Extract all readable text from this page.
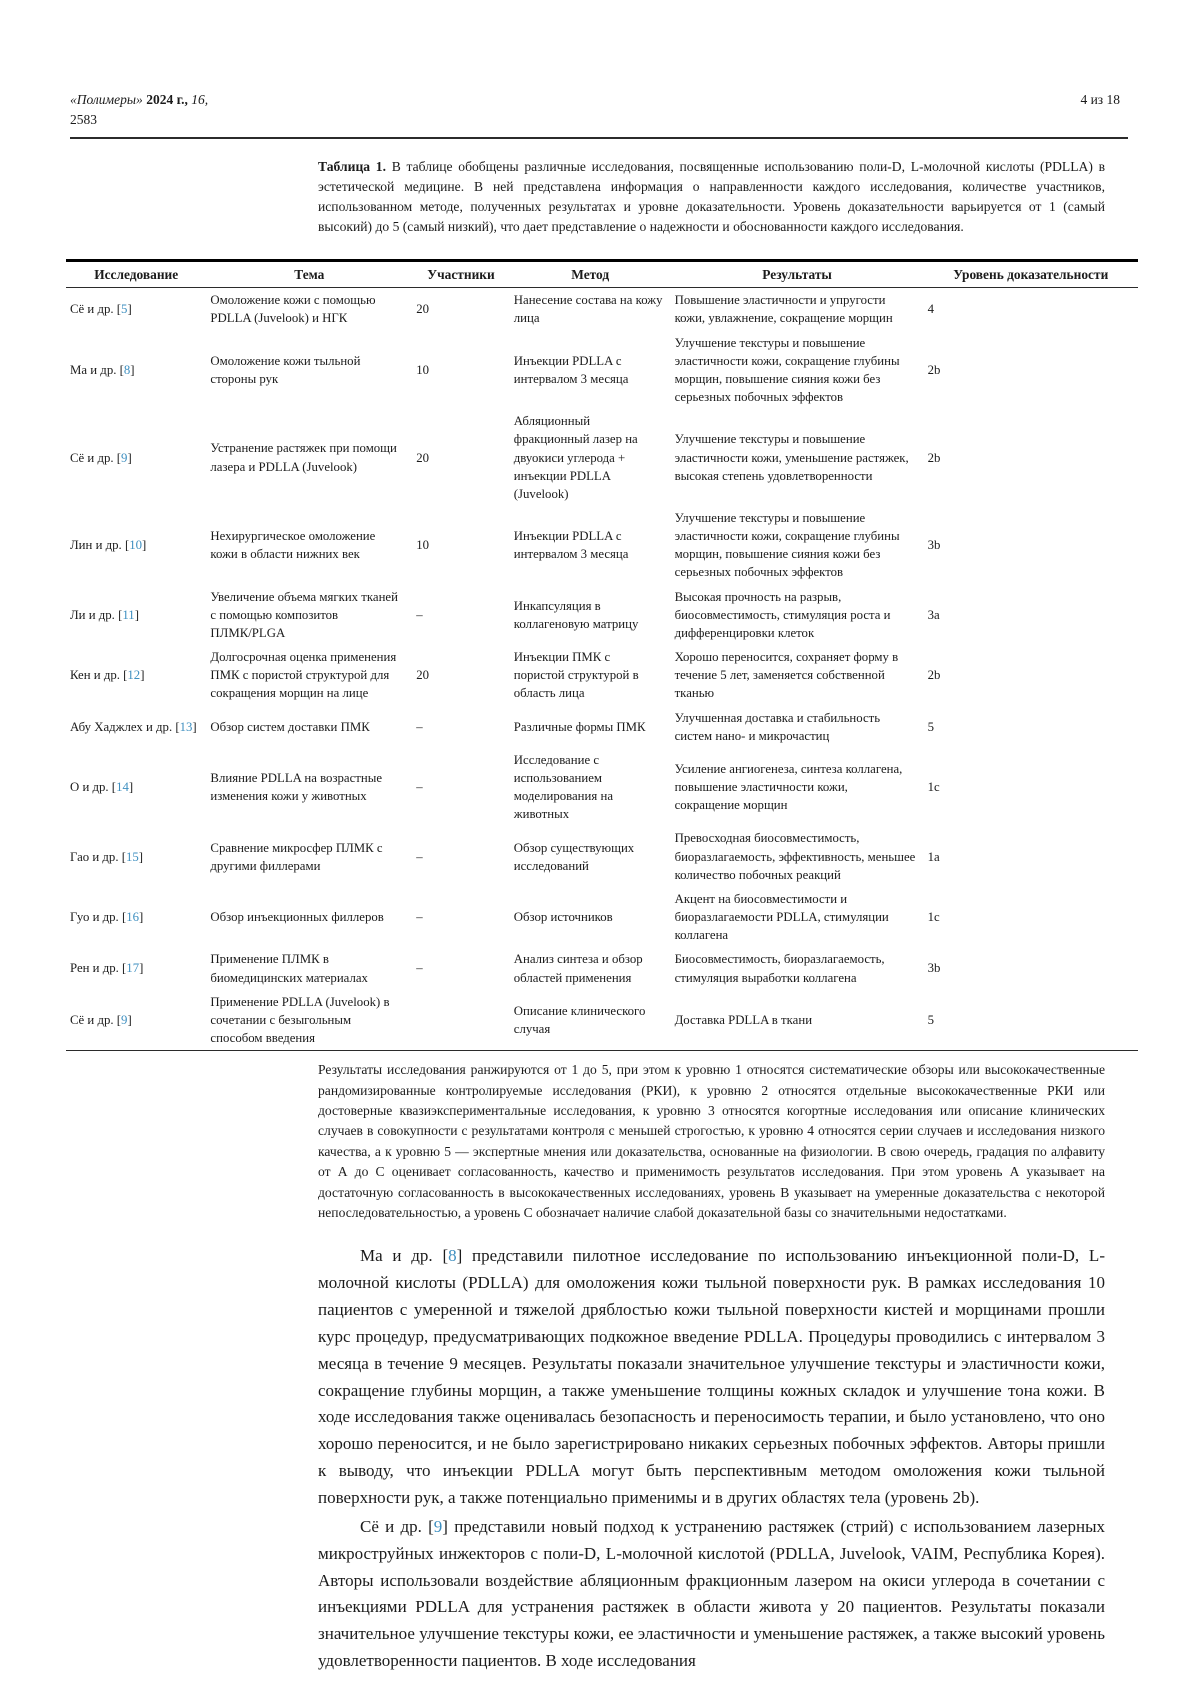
«Полимеры» 2024 г., 16,
2583
4 из 18

Таблица 1. В таблице обобщены различные исследования, посвященные использованию поли-D, L-молочной кислоты (PDLLA) в эстетической медицине. В ней представлена информация о направленности каждого исследования, количестве участников, использованном методе, полученных результатах и уровне доказательности. Уровень доказательности варьируется от 1 (самый высокий) до 5 (самый низкий), что дает представление о надежности и обоснованности каждого исследования.

Исследование	Тема	Участники	Метод	Результаты	Уровень доказательности
Сё и др. [5]	Омоложение кожи с помощью PDLLA (Juvelook) и НГК	20	Нанесение состава на кожу лица	Повышение эластичности и упругости кожи, увлажнение, сокращение морщин	4
Ма и др. [8]	Омоложение кожи тыльной стороны рук	10	Инъекции PDLLA с интервалом 3 месяца	Улучшение текстуры и повышение эластичности кожи, сокращение глубины морщин, повышение сияния кожи без серьезных побочных эффектов	2b
Сё и др. [9]	Устранение растяжек при помощи лазера и PDLLA (Juvelook)	20	Абляционный фракционный лазер на двуокиси углерода + инъекции PDLLA (Juvelook)	Улучшение текстуры и повышение эластичности кожи, уменьшение растяжек, высокая степень удовлетворенности	2b
Лин и др. [10]	Нехирургическое омоложение кожи в области нижних век	10	Инъекции PDLLA с интервалом 3 месяца	Улучшение текстуры и повышение эластичности кожи, сокращение глубины морщин, повышение сияния кожи без серьезных побочных эффектов	3b
Ли и др. [11]	Увеличение объема мягких тканей с помощью композитов ПЛМК/PLGA	–	Инкапсуляция в коллагеновую матрицу	Высокая прочность на разрыв, биосовместимость, стимуляция роста и дифференцировки клеток	3a
Кен и др. [12]	Долгосрочная оценка применения ПМК с пористой структурой для сокращения морщин на лице	20	Инъекции ПМК с пористой структурой в область лица	Хорошо переносится, сохраняет форму в течение 5 лет, заменяется собственной тканью	2b
Абу Хаджлех и др. [13]	Обзор систем доставки ПМК	–	Различные формы ПМК	Улучшенная доставка и стабильность систем нано- и микрочастиц	5
О и др. [14]	Влияние PDLLA на возрастные изменения кожи у животных	–	Исследование с использованием моделирования на животных	Усиление ангиогенеза, синтеза коллагена, повышение эластичности кожи, сокращение морщин	1c
Гао и др. [15]	Сравнение микросфер ПЛМК с другими филлерами	–	Обзор существующих исследований	Превосходная биосовместимость, биоразлагаемость, эффективность, меньшее количество побочных реакций	1a
Гуо и др. [16]	Обзор инъекционных филлеров	–	Обзор источников	Акцент на биосовместимости и биоразлагаемости PDLLA, стимуляции коллагена	1c
Рен и др. [17]	Применение ПЛМК в биомедицинских материалах	–	Анализ синтеза и обзор областей применения	Биосовместимость, биоразлагаемость, стимуляция выработки коллагена	3b
Сё и др. [9]	Применение PDLLA (Juvelook) в сочетании с безыгольным способом введения		Описание клинического случая	Доставка PDLLA в ткани	5

Результаты исследования ранжируются от 1 до 5, при этом к уровню 1 относятся систематические обзоры или высококачественные рандомизированные контролируемые исследования (РКИ), к уровню 2 относятся отдельные высококачественные РКИ или достоверные квазиэкспериментальные исследования, к уровню 3 относятся когортные исследования или описание клинических случаев в совокупности с результатами контроля с меньшей строгостью, к уровню 4 относятся серии случаев и исследования низкого качества, а к уровню 5 — экспертные мнения или доказательства, основанные на физиологии. В свою очередь, градация по алфавиту от А до С оценивает согласованность, качество и применимость результатов исследования. При этом уровень А указывает на достаточную согласованность в высококачественных исследованиях, уровень В указывает на умеренные доказательства с некоторой непоследовательностью, а уровень С обозначает наличие слабой доказательной базы со значительными недостатками.

Ма и др. [8] представили пилотное исследование по использованию инъекционной поли-D, L-молочной кислоты (PDLLA) для омоложения кожи тыльной поверхности рук. В рамках исследования 10 пациентов с умеренной и тяжелой дряблостью кожи тыльной поверхности кистей и морщинами прошли курс процедур, предусматривающих подкожное введение PDLLA. Процедуры проводились с интервалом 3 месяца в течение 9 месяцев. Результаты показали значительное улучшение текстуры и эластичности кожи, сокращение глубины морщин, а также уменьшение толщины кожных складок и улучшение тона кожи. В ходе исследования также оценивалась безопасность и переносимость терапии, и было установлено, что оно хорошо переносится, и не было зарегистрировано никаких серьезных побочных эффектов. Авторы пришли к выводу, что инъекции PDLLA могут быть перспективным методом омоложения кожи тыльной поверхности рук, а также потенциально применимы и в других областях тела (уровень 2b).

Сё и др. [9] представили новый подход к устранению растяжек (стрий) с использованием лазерных микроструйных инжекторов с поли-D, L-молочной кислотой (PDLLA, Juvelook, VAIM, Республика Корея). Авторы использовали воздействие абляционным фракционным лазером на окиси углерода в сочетании с инъекциями PDLLA для устранения растяжек в области живота у 20 пациентов. Результаты показали значительное улучшение текстуры кожи, ее эластичности и уменьшение растяжек, а также высокий уровень удовлетворенности пациентов. В ходе исследования
